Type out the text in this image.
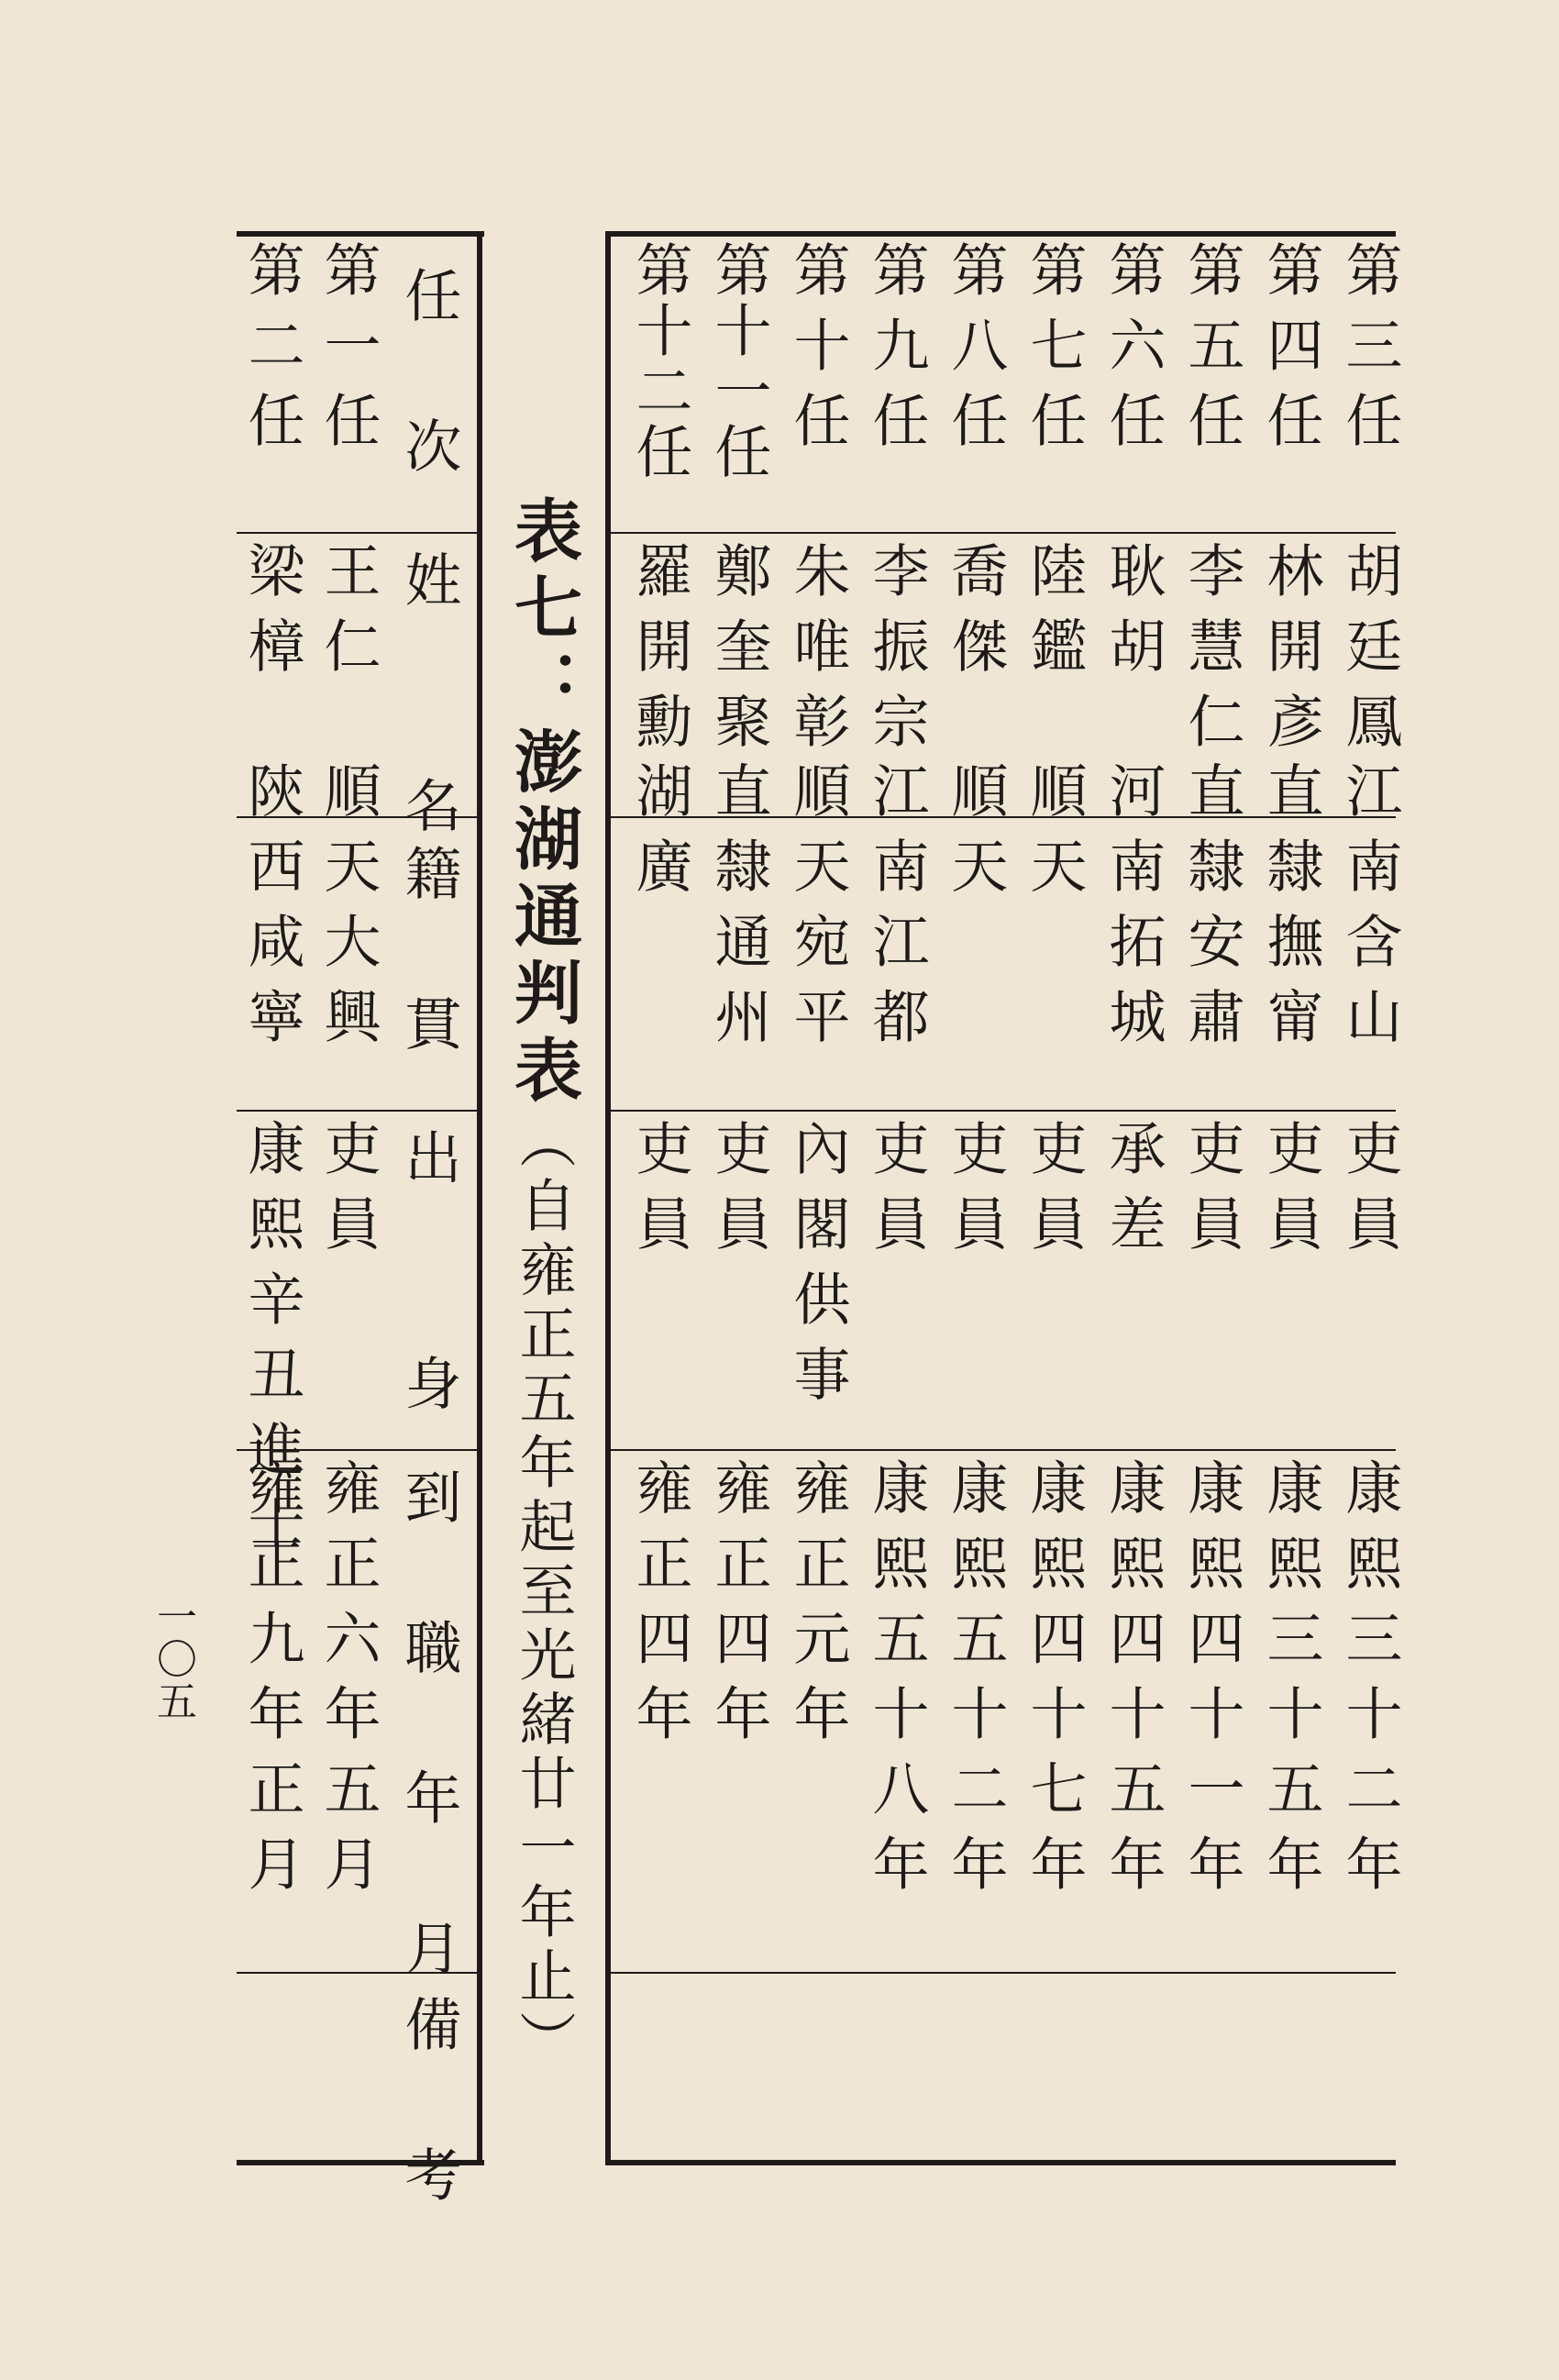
任　次
姓　　名
籍　貫
出　　身
到　職　年　月
備　考
第一任
王仁
順天大興
吏員
雍正六年五月
第二任
梁樟
陝西咸寧
康熙辛丑進士
雍正九年正月
表七：澎湖通判表（自雍正五年起至光緒廿一年止）
第三任
胡廷鳳
江南含山
吏員
康熙三十二年
第四任
林開彥
直隸撫甯
吏員
康熙三十五年
第五任
李慧仁
直隸安肅
吏員
康熙四十一年
第六任
耿胡
河南拓城
承差
康熙四十五年
第七任
陸鑑
順天
吏員
康熙四十七年
第八任
喬傑
順天
吏員
康熙五十二年
第九任
李振宗
江南江都
吏員
康熙五十八年
第十任
朱唯彰
順天宛平
內閣供事
雍正元年
第十一任
鄭奎聚
直隸通州
吏員
雍正四年
第十二任
羅開勳
湖廣
吏員
雍正四年
一〇五
